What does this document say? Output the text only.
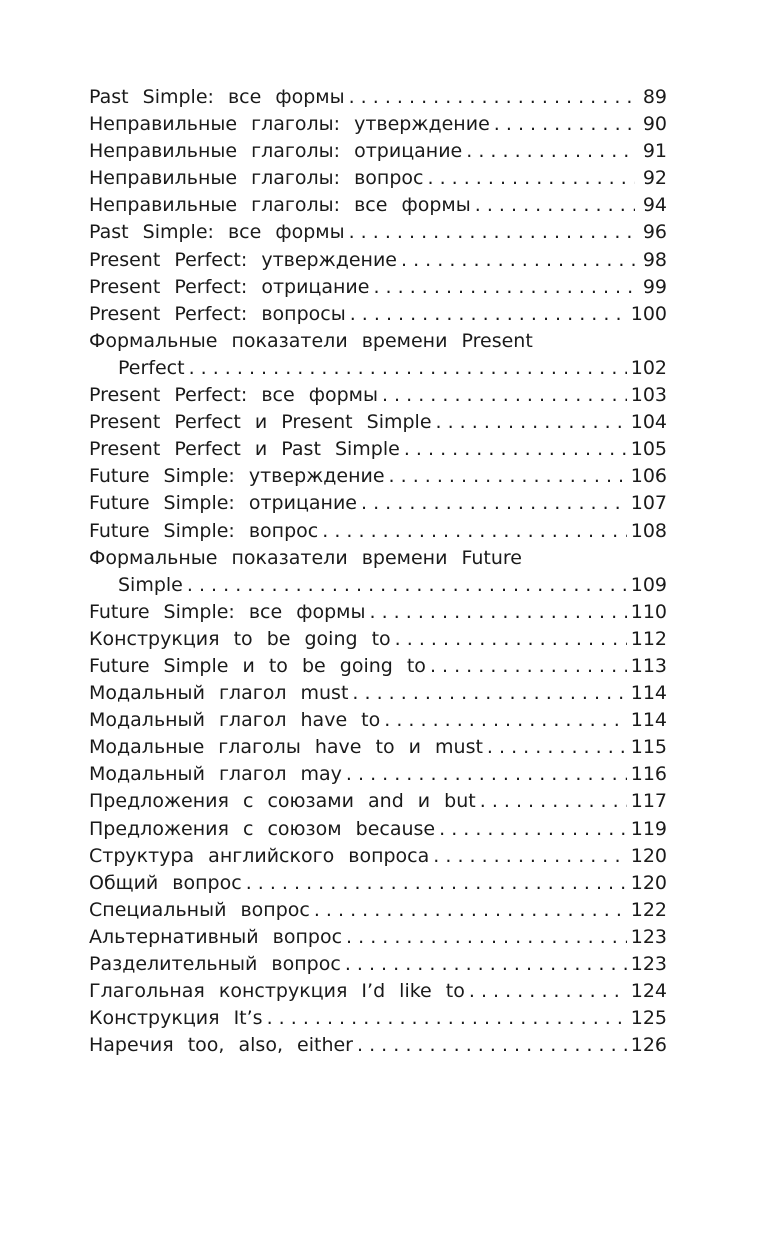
Past Simple: все формы . . .	89
Неправильные глаголы: утверждение . . .	90
Неправильные глаголы: отрицание . . .	91
Неправильные глаголы: вопрос . . .	92
Неправильные глаголы: все формы . . .	94
Past Simple: все формы . . .	96
Present Perfect: утверждение . . .	98
Present Perfect: отрицание . . .	99
Present Perfect: вопросы . . .	100
Формальные показатели времени Present
Perfect . . .	102
Present Perfect: все формы . . .	103
Present Perfect и Present Simple . . .	104
Present Perfect и Past Simple . . .	105
Future Simple: утверждение . . .	106
Future Simple: отрицание . . .	107
Future Simple: вопрос . . .	108
Формальные показатели времени Future
Simple . . .	109
Future Simple: все формы . . .	110
Конструкция to be going to . . .	112
Future Simple и to be going to . . .	113
Модальный глагол must . . .	114
Модальный глагол have to . . .	114
Модальные глаголы have to и must . . .	115
Модальный глагол may . . .	116
Предложения с союзами and и but . . .	117
Предложения с союзом because . . .	119
Структура английского вопроса . . .	120
Общий вопрос . . .	120
Специальный вопрос . . .	122
Альтернативный вопрос . . .	123
Разделительный вопрос . . .	123
Глагольная конструкция I’d like to . . .	124
Конструкция It’s . . .	125
Наречия too, also, either . . .	126
